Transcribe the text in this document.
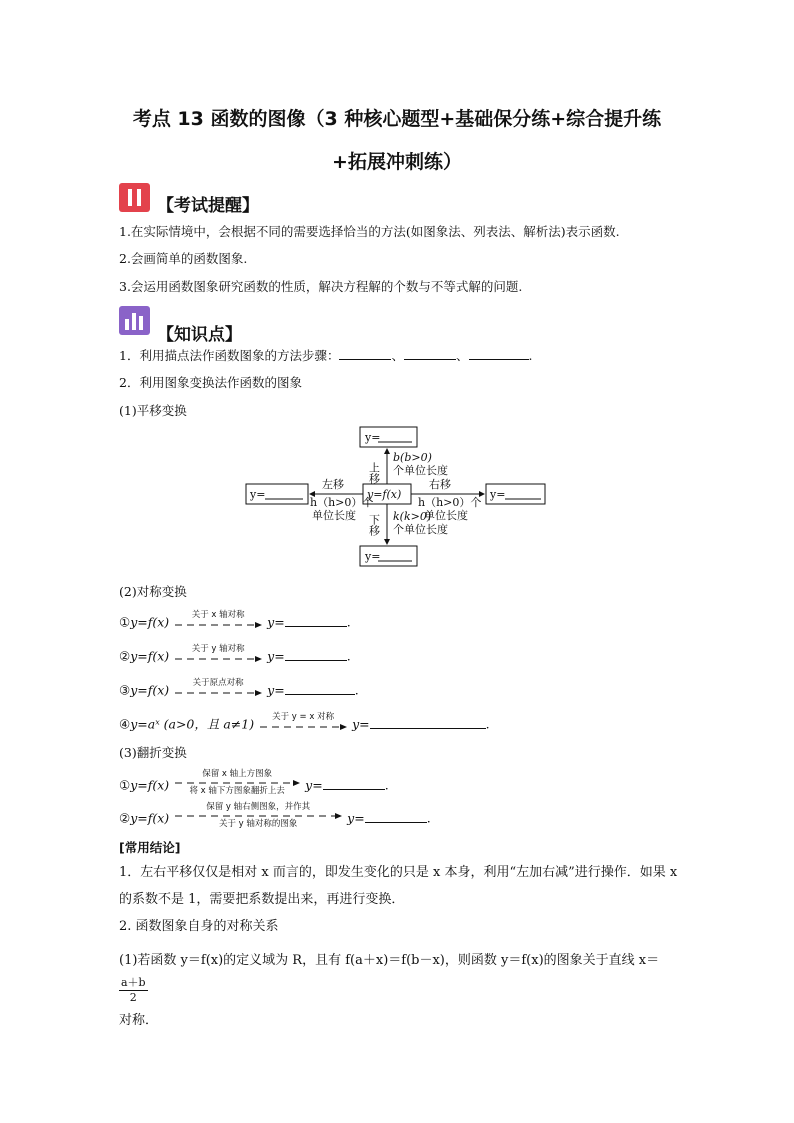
考点 13 函数的图像（3 种核心题型+基础保分练+综合提升练
+拓展冲刺练）
【考试提醒】
1.在实际情境中，会根据不同的需要选择恰当的方法(如图象法、列表法、解析法)表示函数.
2.会画简单的函数图象.
3.会运用函数图象研究函数的性质，解决方程解的个数与不等式解的问题.
【知识点】
1．利用描点法作函数图象的方法步骤：	、	、	.
2．利用图象变换法作函数的图象
(1)平移变换
y=
y=	y=f(x)	y=
y=
上移
b(b>0)
个单位长度
下移 k(k>0)
个单位长度
左移
h（h>0）个
单位长度
右移
h（h>0）个
单位长度
(2)对称变换
①y=f(x)	关于 x 轴对称	y=	.
②y=f(x)	关于 y 轴对称	y=	.
③y=f(x)	关于原点对称	y=	.
④y=aˣ (a>0，且 a≠1)	关于 y = x 对称	y=	.
(3)翻折变换
①y=f(x)
保留 x 轴上方图象
将 x 轴下方图象翻折上去	y=	.
②y=f(x)
保留 y 轴右侧图象，并作其
关于 y 轴对称的图象	y=	.
[常用结论]
1．左右平移仅仅是相对 x 而言的，即发生变化的只是 x 本身，利用“左加右减”进行操作．如果 x 的系数不是 1，需要把系数提出来，再进行变换．
2. 函数图象自身的对称关系
(1)若函数 y＝f(x)的定义域为 R，且有 f(a＋x)＝f(b－x)，则函数 y＝f(x)的图象关于直线 x＝
$\frac{a+b}{2}$

对称．
